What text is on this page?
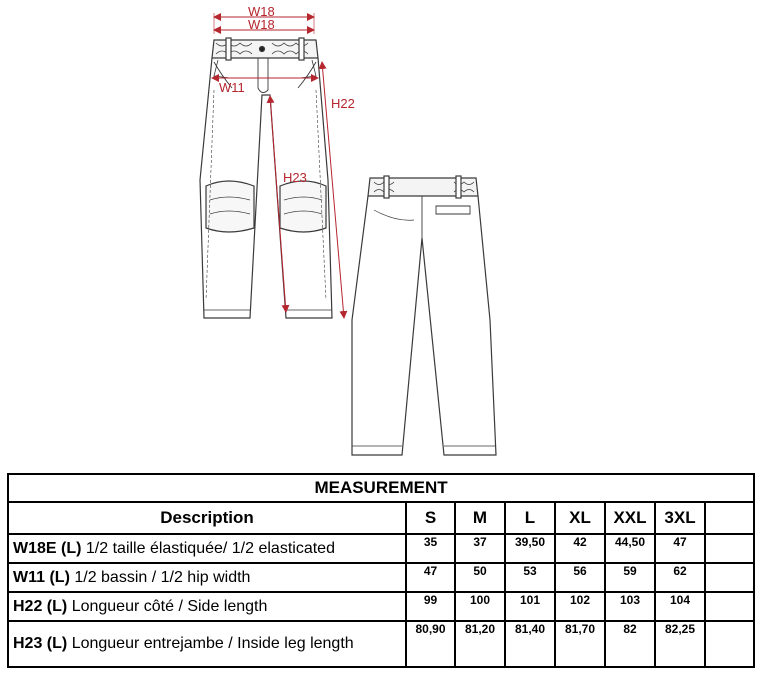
W18
W18
W11
H22
H23
MEASUREMENT							
Description	S	M	L	XL	XXL	3XL	
W18E (L) 1/2 taille élastiquée/ 1/2 elasticated	35	37	39,50	42	44,50	47	
W11 (L) 1/2 bassin / 1/2 hip width	47	50	53	56	59	62	
H22 (L) Longueur côté / Side length	99	100	101	102	103	104	
H23 (L) Longueur entrejambe / Inside leg length	80,90	81,20	81,40	81,70	82	82,25	
